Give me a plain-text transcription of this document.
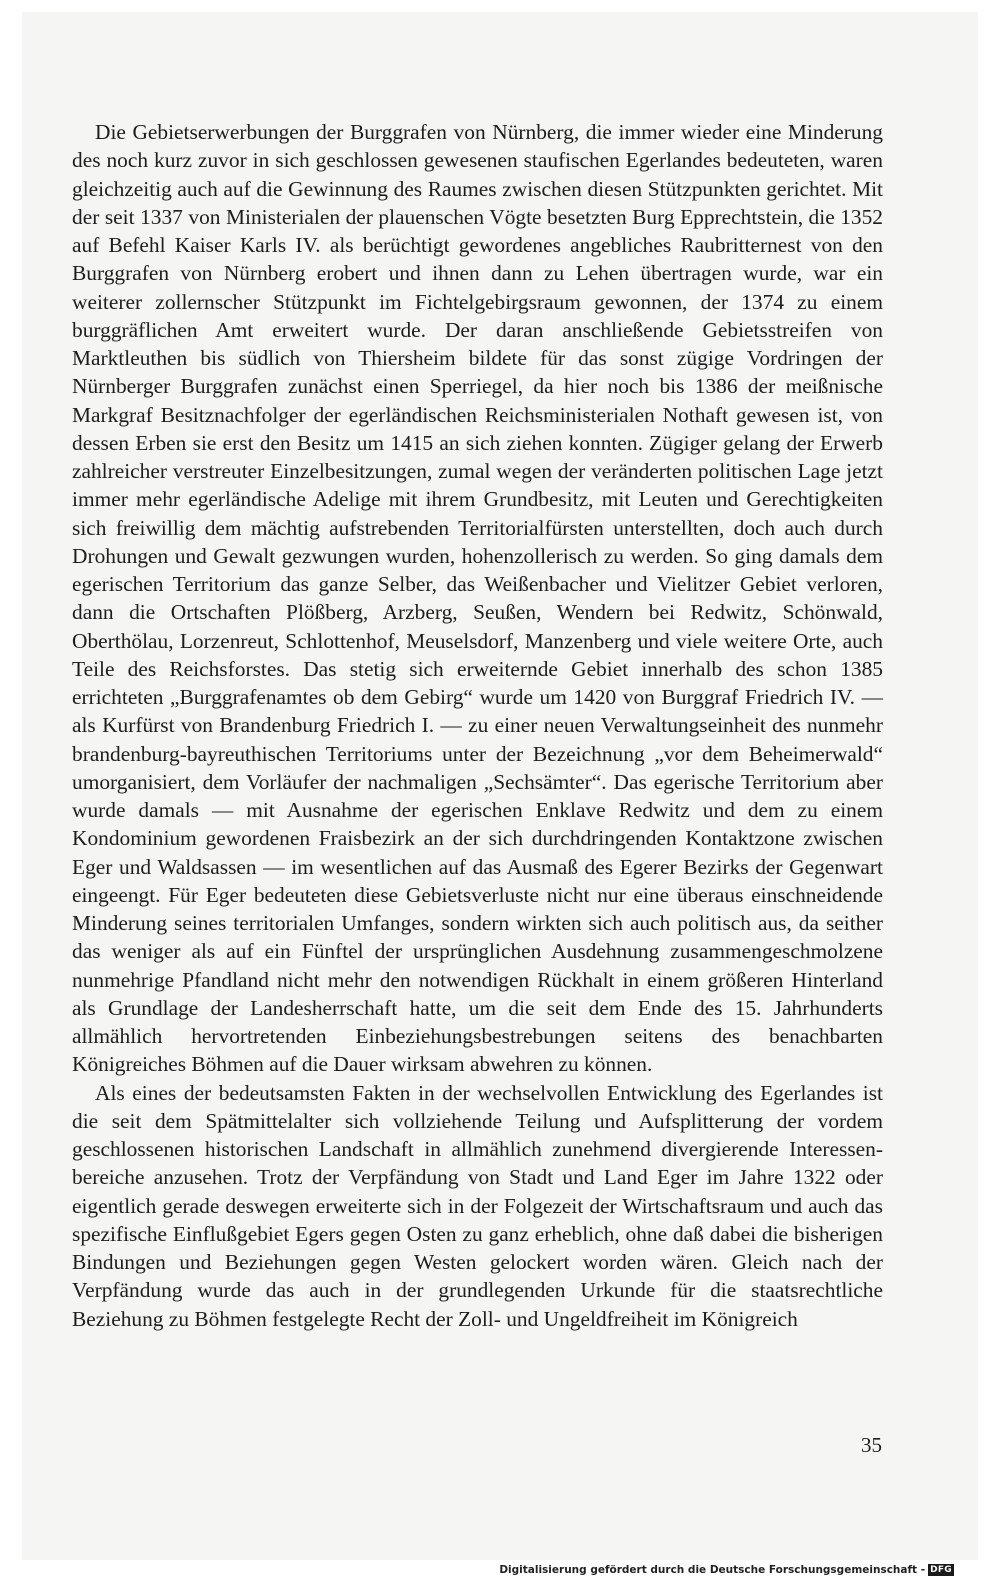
Die Gebietserwerbungen der Burggrafen von Nürnberg, die immer wieder eine Minderung des noch kurz zuvor in sich geschlossen gewesenen staufischen Egerlandes bedeuteten, waren gleichzeitig auch auf die Gewinnung des Raumes zwischen diesen Stützpunkten gerichtet. Mit der seit 1337 von Ministerialen der plauenschen Vögte besetzten Burg Epprechtstein, die 1352 auf Befehl Kaiser Karls IV. als berüchtigt gewordenes angebliches Raubritternest von den Burggrafen von Nürnberg erobert und ihnen dann zu Lehen übertragen wurde, war ein weiterer zollernscher Stützpunkt im Fichtelgebirgsraum gewonnen, der 1374 zu einem burggräflichen Amt erweitert wurde. Der daran anschließende Gebietsstreifen von Marktleuthen bis südlich von Thiersheim bildete für das sonst zügige Vordringen der Nürnberger Burggrafen zunächst einen Sperriegel, da hier noch bis 1386 der meißnische Markgraf Besitznachfolger der egerländischen Reichsministerialen Nothaft gewesen ist, von dessen Erben sie erst den Besitz um 1415 an sich ziehen konnten. Zügiger gelang der Erwerb zahlreicher verstreuter Einzelbesitzungen, zumal wegen der veränderten politischen Lage jetzt immer mehr egerländische Adelige mit ihrem Grundbesitz, mit Leuten und Gerechtigkeiten sich freiwillig dem mächtig aufstrebenden Territorialfürsten unterstellten, doch auch durch Drohungen und Gewalt gezwungen wurden, hohenzollerisch zu werden. So ging damals dem egerischen Territorium das ganze Selber, das Weißenbacher und Vielitzer Gebiet verloren, dann die Ortschaften Plößberg, Arzberg, Seußen, Wendern bei Redwitz, Schönwald, Oberthölau, Lorzenreut, Schlottenhof, Meuselsdorf, Manzenberg und viele weitere Orte, auch Teile des Reichsforstes. Das stetig sich erweiternde Gebiet innerhalb des schon 1385 errichteten „Burggrafenamtes ob dem Gebirg“ wurde um 1420 von Burggraf Friedrich IV. — als Kurfürst von Brandenburg Friedrich I. — zu einer neuen Verwaltungseinheit des nunmehr brandenburg-bayreuthischen Territoriums unter der Bezeichnung „vor dem Beheimerwald“ umorganisiert, dem Vorläufer der nachmaligen „Sechsämter“. Das egerische Territorium aber wurde damals — mit Ausnahme der egerischen Enklave Redwitz und dem zu einem Kondominium gewordenen Fraisbezirk an der sich durchdringenden Kontaktzone zwischen Eger und Waldsassen — im wesentlichen auf das Ausmaß des Egerer Bezirks der Gegenwart eingeengt. Für Eger bedeuteten diese Gebietsverluste nicht nur eine überaus einschneidende Minderung seines territorialen Umfanges, sondern wirkten sich auch politisch aus, da seither das weniger als auf ein Fünftel der ursprünglichen Ausdehnung zusammengeschmolzene nunmehrige Pfandland nicht mehr den notwendigen Rückhalt in einem größeren Hinterland als Grundlage der Landesherrschaft hatte, um die seit dem Ende des 15. Jahrhunderts allmählich hervortretenden Einbeziehungsbestrebungen seitens des benachbarten Königreiches Böhmen auf die Dauer wirksam abwehren zu können.

Als eines der bedeutsamsten Fakten in der wechselvollen Entwicklung des Egerlandes ist die seit dem Spätmittelalter sich vollziehende Teilung und Aufsplitterung der vordem geschlossenen historischen Landschaft in allmählich zunehmend divergierende Interessenbereiche anzusehen. Trotz der Verpfändung von Stadt und Land Eger im Jahre 1322 oder eigentlich gerade deswegen erweiterte sich in der Folgezeit der Wirtschaftsraum und auch das spezifische Einflußgebiet Egers gegen Osten zu ganz erheblich, ohne daß dabei die bisherigen Bindungen und Beziehungen gegen Westen gelockert worden wären. Gleich nach der Verpfändung wurde das auch in der grundlegenden Urkunde für die staatsrechtliche Beziehung zu Böhmen festgelegte Recht der Zoll- und Ungeldfreiheit im Königreich

35
Digitalisierung gefördert durch die Deutsche Forschungsgemeinschaft - DFG
